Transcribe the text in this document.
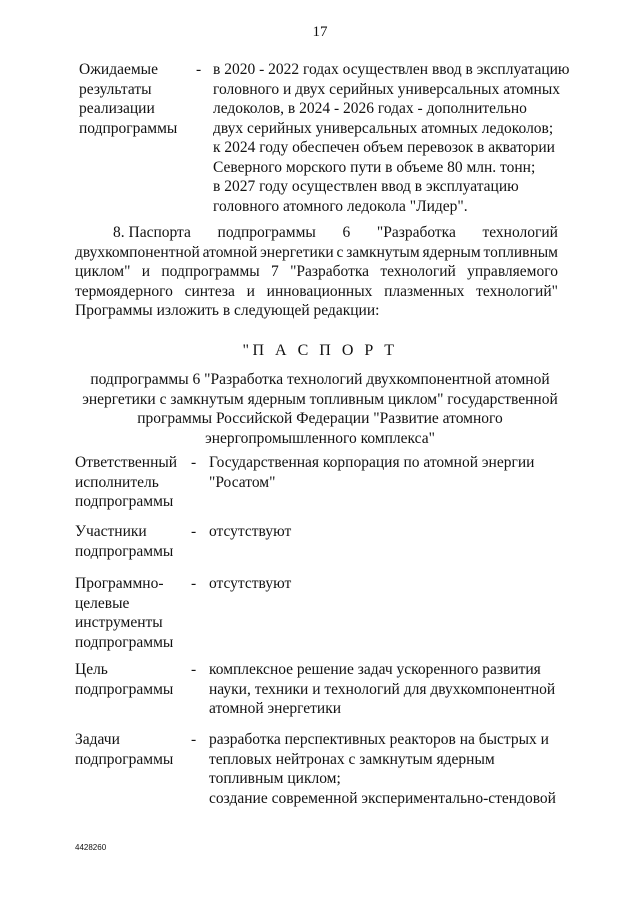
17
Ожидаемые
результаты
реализации
подпрограммы
- в 2020 - 2022 годах осуществлен ввод в эксплуатацию
головного и двух серийных универсальных атомных
ледоколов, в 2024 - 2026 годах - дополнительно
двух серийных универсальных атомных ледоколов;
к 2024 году обеспечен объем перевозок в акватории
Северного морского пути в объеме 80 млн. тонн;
в 2027 году осуществлен ввод в эксплуатацию
головного атомного ледокола "Лидер".
8. Паспорта подпрограммы 6 "Разработка технологий
двухкомпонентной атомной энергетики с замкнутым ядерным топливным
циклом" и подпрограммы 7 "Разработка технологий управляемого
термоядерного синтеза и инновационных плазменных технологий"
Программы изложить в следующей редакции:
"П А С П О Р Т
подпрограммы 6 "Разработка технологий двухкомпонентной атомной
энергетики с замкнутым ядерным топливным циклом" государственной
программы Российской Федерации "Развитие атомного
энергопромышленного комплекса"
Ответственный
исполнитель
подпрограммы
- Государственная корпорация по атомной энергии
"Росатом"
Участники
подпрограммы
- отсутствуют
Программно-
целевые
инструменты
подпрограммы
- отсутствуют
Цель
подпрограммы
- комплексное решение задач ускоренного развития
науки, техники и технологий для двухкомпонентной
атомной энергетики
Задачи
подпрограммы
- разработка перспективных реакторов на быстрых и
тепловых нейтронах с замкнутым ядерным
топливным циклом;
создание современной экспериментально-стендовой
4428260
